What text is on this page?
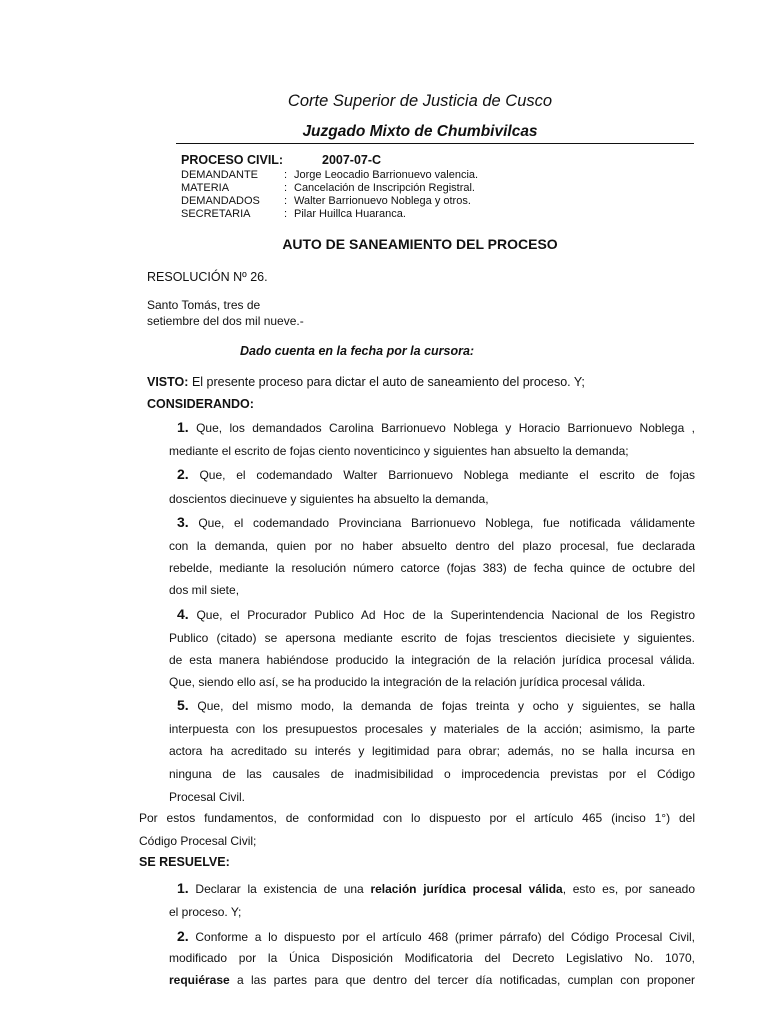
Corte Superior de Justicia de Cusco
Juzgado Mixto de Chumbivilcas
PROCESO CIVIL:	2007-07-C
DEMANDANTE : Jorge Leocadio Barrionuevo valencia.
MATERIA	: Cancelación de Inscripción Registral.
DEMANDADOS : Walter Barrionuevo Noblega y otros.
SECRETARIA	: Pilar Huillca Huaranca.
AUTO DE SANEAMIENTO DEL PROCESO
RESOLUCIÓN Nº 26.
Santo Tomás, tres de
setiembre del dos mil nueve.-
Dado cuenta en la fecha por la cursora:
VISTO: El presente proceso para dictar el auto de saneamiento del proceso. Y;
CONSIDERANDO:
1. Que, los demandados Carolina Barrionuevo Noblega y Horacio Barrionuevo Noblega ,
mediante el escrito de fojas ciento noventicinco y siguientes han absuelto la demanda;
2. Que, el codemandado Walter Barrionuevo Noblega mediante el escrito de fojas
doscientos diecinueve y siguientes ha absuelto la demanda,
3. Que, el codemandado Provinciana Barrionuevo Noblega, fue notificada válidamente
con la demanda, quien por no haber absuelto dentro del plazo procesal, fue declarada
rebelde, mediante la resolución número catorce (fojas 383) de fecha quince de octubre del
dos mil siete,
4. Que, el Procurador Publico Ad Hoc de la Superintendencia Nacional de los Registro
Publico (citado) se apersona mediante escrito de fojas trescientos diecisiete y siguientes.
de esta manera habiéndose producido la integración de la relación jurídica procesal válida.
Que, siendo ello así, se ha producido la integración de la relación jurídica procesal válida.
5. Que, del mismo modo, la demanda de fojas treinta y ocho y siguientes, se halla
interpuesta con los presupuestos procesales y materiales de la acción; asimismo, la parte
actora ha acreditado su interés y legitimidad para obrar; además, no se halla incursa en
ninguna de las causales de inadmisibilidad o improcedencia previstas por el Código
Procesal Civil.
Por estos fundamentos, de conformidad con lo dispuesto por el artículo 465 (inciso 1°) del
Código Procesal Civil;
SE RESUELVE:
1. Declarar la existencia de una relación jurídica procesal válida, esto es, por saneado
el proceso. Y;
2. Conforme a lo dispuesto por el artículo 468 (primer párrafo) del Código Procesal Civil,
modificado por la Única Disposición Modificatoria del Decreto Legislativo No. 1070,
requiérase a las partes para que dentro del tercer día notificadas, cumplan con proponer
